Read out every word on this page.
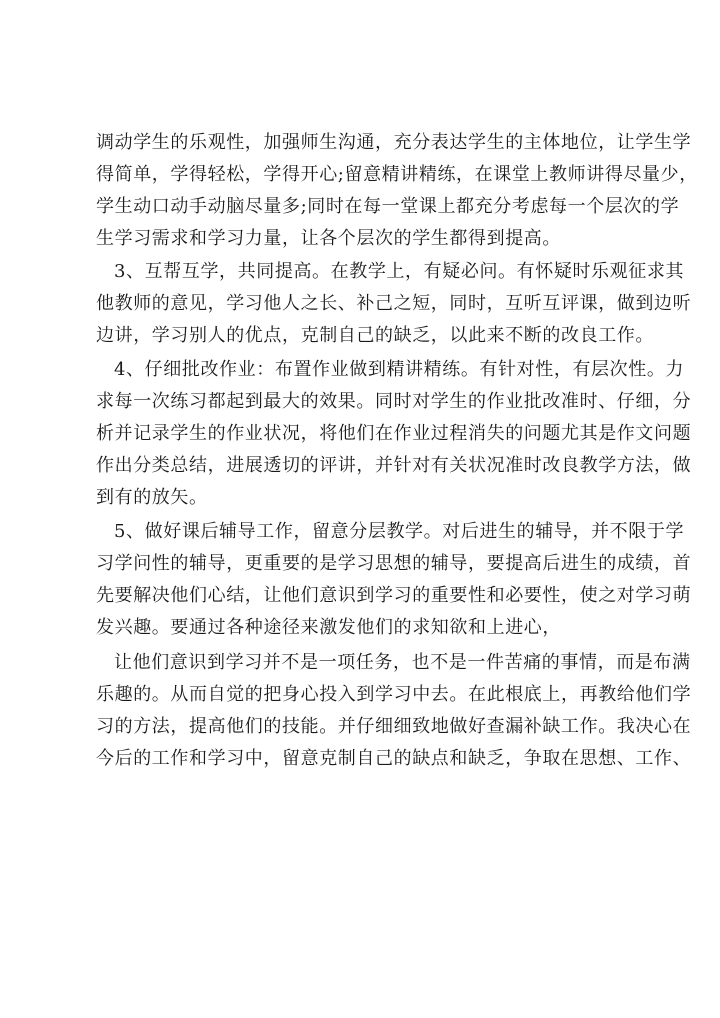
调动学生的乐观性，加强师生沟通，充分表达学生的主体地位，让学生学
得简单，学得轻松，学得开心;留意精讲精练，在课堂上教师讲得尽量少，
学生动口动手动脑尽量多;同时在每一堂课上都充分考虑每一个层次的学
生学习需求和学习力量，让各个层次的学生都得到提高。
3、互帮互学，共同提高。在教学上，有疑必问。有怀疑时乐观征求其
他教师的意见，学习他人之长、补己之短，同时，互听互评课，做到边听
边讲，学习别人的优点，克制自己的缺乏，以此来不断的改良工作。
4、仔细批改作业：布置作业做到精讲精练。有针对性，有层次性。力
求每一次练习都起到最大的效果。同时对学生的作业批改准时、仔细，分
析并记录学生的作业状况，将他们在作业过程消失的问题尤其是作文问题
作出分类总结，进展透切的评讲，并针对有关状况准时改良教学方法，做
到有的放矢。
5、做好课后辅导工作，留意分层教学。对后进生的辅导，并不限于学
习学问性的辅导，更重要的是学习思想的辅导，要提高后进生的成绩，首
先要解决他们心结，让他们意识到学习的重要性和必要性，使之对学习萌
发兴趣。要通过各种途径来激发他们的求知欲和上进心，
让他们意识到学习并不是一项任务，也不是一件苦痛的事情，而是布满
乐趣的。从而自觉的把身心投入到学习中去。在此根底上，再教给他们学
习的方法，提高他们的技能。并仔细细致地做好查漏补缺工作。我决心在
今后的工作和学习中，留意克制自己的缺点和缺乏，争取在思想、工作、
